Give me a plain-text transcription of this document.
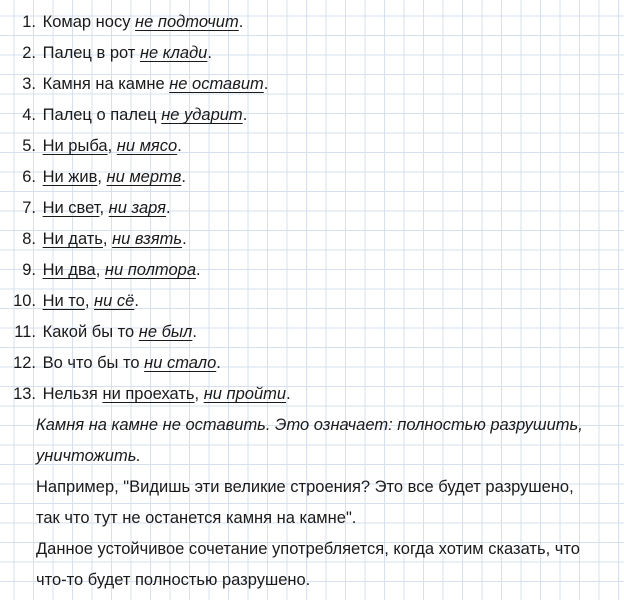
1. Комар носу не подточит.
2. Палец в рот не клади.
3. Камня на камне не оставит.
4. Палец о палец не ударит.
5. Ни рыба, ни мясо.
6. Ни жив, ни мертв.
7. Ни свет, ни заря.
8. Ни дать, ни взять.
9. Ни два, ни полтора.
10. Ни то, ни сё.
11. Какой бы то не был.
12. Во что бы то ни стало.
13. Нельзя ни проехать, ни пройти.
Камня на камне не оставить. Это означает: полностью разрушить,
уничтожить.
Например, "Видишь эти великие строения? Это все будет разрушено,
так что тут не останется камня на камне".
Данное устойчивое сочетание употребляется, когда хотим сказать, что
что-то будет полностью разрушено.
